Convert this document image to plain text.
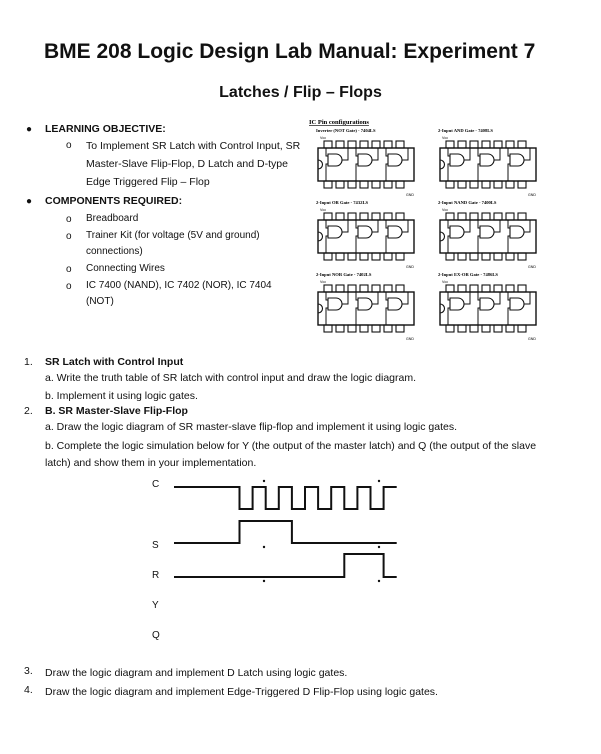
BME 208 Logic Design Lab Manual: Experiment 7
Latches / Flip – Flops
● LEARNING OBJECTIVE:
o To Implement SR Latch with Control Input, SR Master-Slave Flip-Flop, D Latch and D-type Edge Triggered Flip – Flop
● COMPONENTS REQUIRED:
o Breadboard
o Trainer Kit (for voltage (5V and ground) connections)
o Connecting Wires
o IC 7400 (NAND), IC 7402 (NOR), IC 7404 (NOT)
IC Pin configurations
Inverter (NOT Gate) - 7404LS
Vcc
GND
2-Input AND Gate - 7408LS
Vcc
GND
2-Input OR Gate - 7432LS
Vcc
GND
2-Input NAND Gate - 7400LS
Vcc
GND
2-Input NOR Gate - 7402LS
Vcc
GND
2-Input EX-OR Gate - 7486LS
Vcc
GND
1. SR Latch with Control Input
a. Write the truth table of SR latch with control input and draw the logic diagram.
b. Implement it using logic gates.
2. B. SR Master-Slave Flip-Flop
a. Draw the logic diagram of SR master-slave flip-flop and implement it using logic gates.
b. Complete the logic simulation below for Y (the output of the master latch) and Q (the output of the slave latch) and show them in your implementation.
C
S
R
Y
Q
3. Draw the logic diagram and implement D Latch using logic gates.
4. Draw the logic diagram and implement Edge-Triggered D Flip-Flop using logic gates.
